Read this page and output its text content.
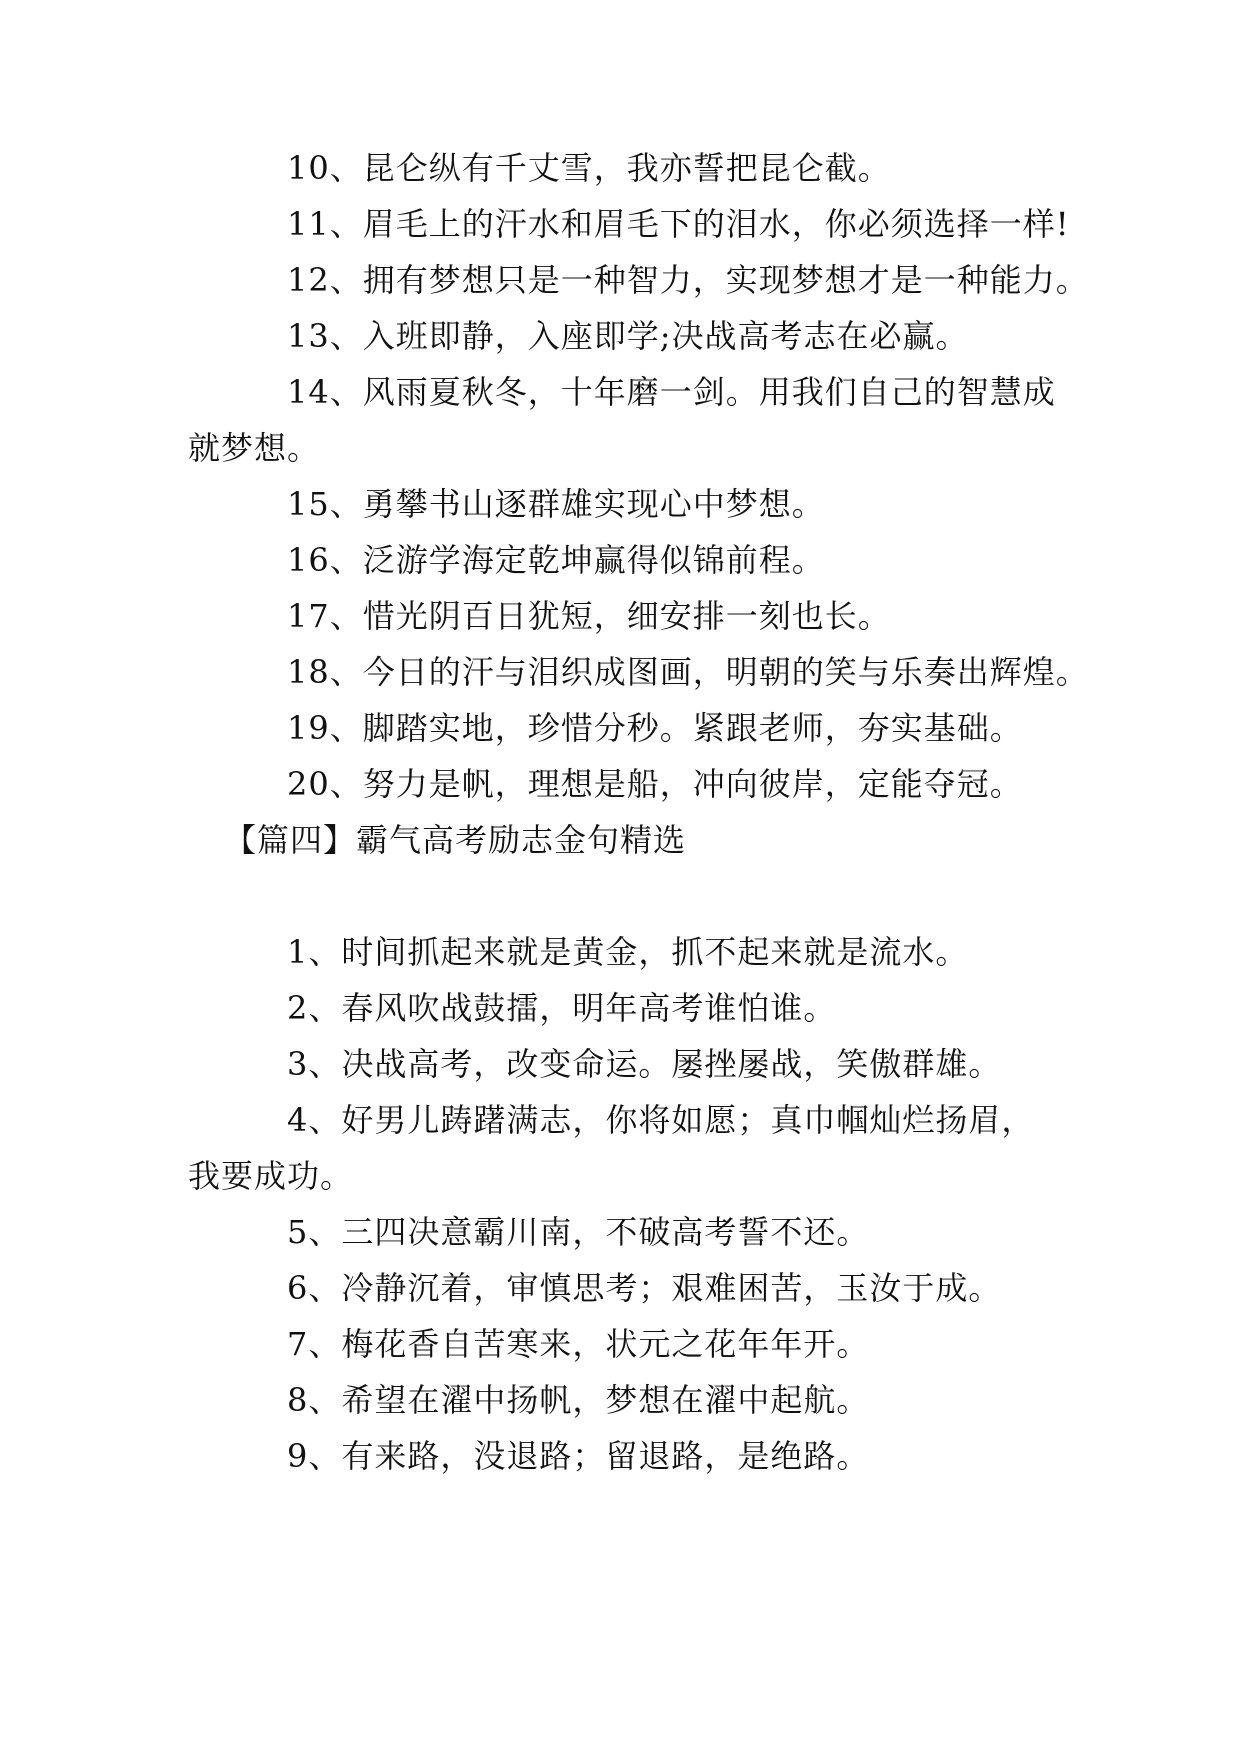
10、昆仑纵有千丈雪，我亦誓把昆仑截。
11、眉毛上的汗水和眉毛下的泪水，你必须选择一样!
12、拥有梦想只是一种智力，实现梦想才是一种能力。
13、入班即静，入座即学;决战高考志在必赢。
14、风雨夏秋冬，十年磨一剑。用我们自己的智慧成
就梦想。
15、勇攀书山逐群雄实现心中梦想。
16、泛游学海定乾坤赢得似锦前程。
17、惜光阴百日犹短，细安排一刻也长。
18、今日的汗与泪织成图画，明朝的笑与乐奏出辉煌。
19、脚踏实地，珍惜分秒。紧跟老师，夯实基础。
20、努力是帆，理想是船，冲向彼岸，定能夺冠。
【篇四】霸气高考励志金句精选
1、时间抓起来就是黄金，抓不起来就是流水。
2、春风吹战鼓擂，明年高考谁怕谁。
3、决战高考，改变命运。屡挫屡战，笑傲群雄。
4、好男儿踌躇满志，你将如愿；真巾帼灿烂扬眉，
我要成功。
5、三四决意霸川南，不破高考誓不还。
6、冷静沉着，审慎思考；艰难困苦，玉汝于成。
7、梅花香自苦寒来，状元之花年年开。
8、希望在濯中扬帆，梦想在濯中起航。
9、有来路，没退路；留退路，是绝路。
